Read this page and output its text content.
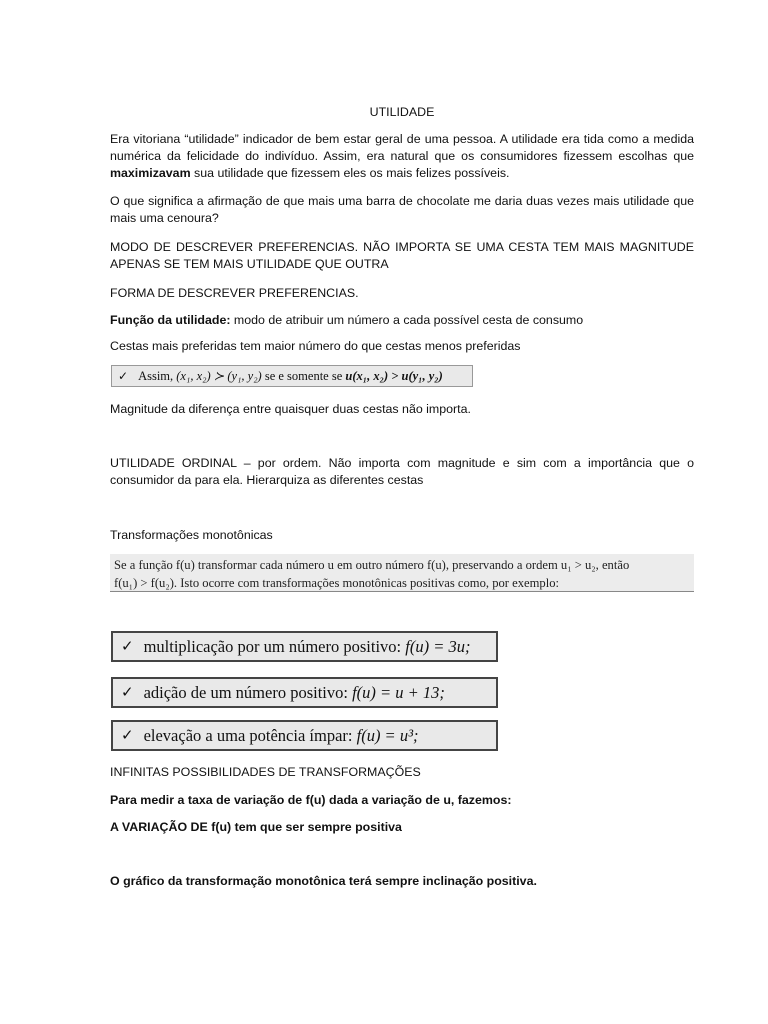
UTILIDADE

Era vitoriana “utilidade” indicador de bem estar geral de uma pessoa. A utilidade era tida como a medida numérica da felicidade do indivíduo. Assim, era natural que os consumidores fizessem escolhas que maximizavam sua utilidade que fizessem eles os mais felizes possíveis.

O que significa a afirmação de que mais uma barra de chocolate me daria duas vezes mais utilidade que mais uma cenoura?

MODO DE DESCREVER PREFERENCIAS. NÃO IMPORTA SE UMA CESTA TEM MAIS MAGNITUDE APENAS SE TEM MAIS UTILIDADE QUE OUTRA

FORMA DE DESCREVER PREFERENCIAS.

Função da utilidade: modo de atribuir um número a cada possível cesta de consumo

Cestas mais preferidas tem maior número do que cestas menos preferidas

✓ Assim,
(x₁, x₂) ≻ (y₁, y₂)
se e somente se
u(x₁, x₂) > u(y₁, y₂)

Magnitude da diferença entre quaisquer duas cestas não importa.

UTILIDADE ORDINAL – por ordem. Não importa com magnitude e sim com a importância que o consumidor da para ela. Hierarquiza as diferentes cestas

Transformações monotônicas

Se a função f(u) transformar cada número u em outro número f(u), preservando a ordem u₁ > u₂, então
f(u₁) > f(u₂). Isto ocorre com transformações monotônicas positivas como, por exemplo:
✓ multiplicação por um número positivo:
f(u) = 3u;
✓ adição de um número positivo:
f(u) = u + 13;
✓ elevação a uma potência ímpar:
f(u) = u³;

INFINITAS POSSIBILIDADES DE TRANSFORMAÇÕES

Para medir a taxa de variação de f(u) dada a variação de u, fazemos:

A VARIAÇÃO DE f(u) tem que ser sempre positiva

O gráfico da transformação monotônica terá sempre inclinação positiva.
